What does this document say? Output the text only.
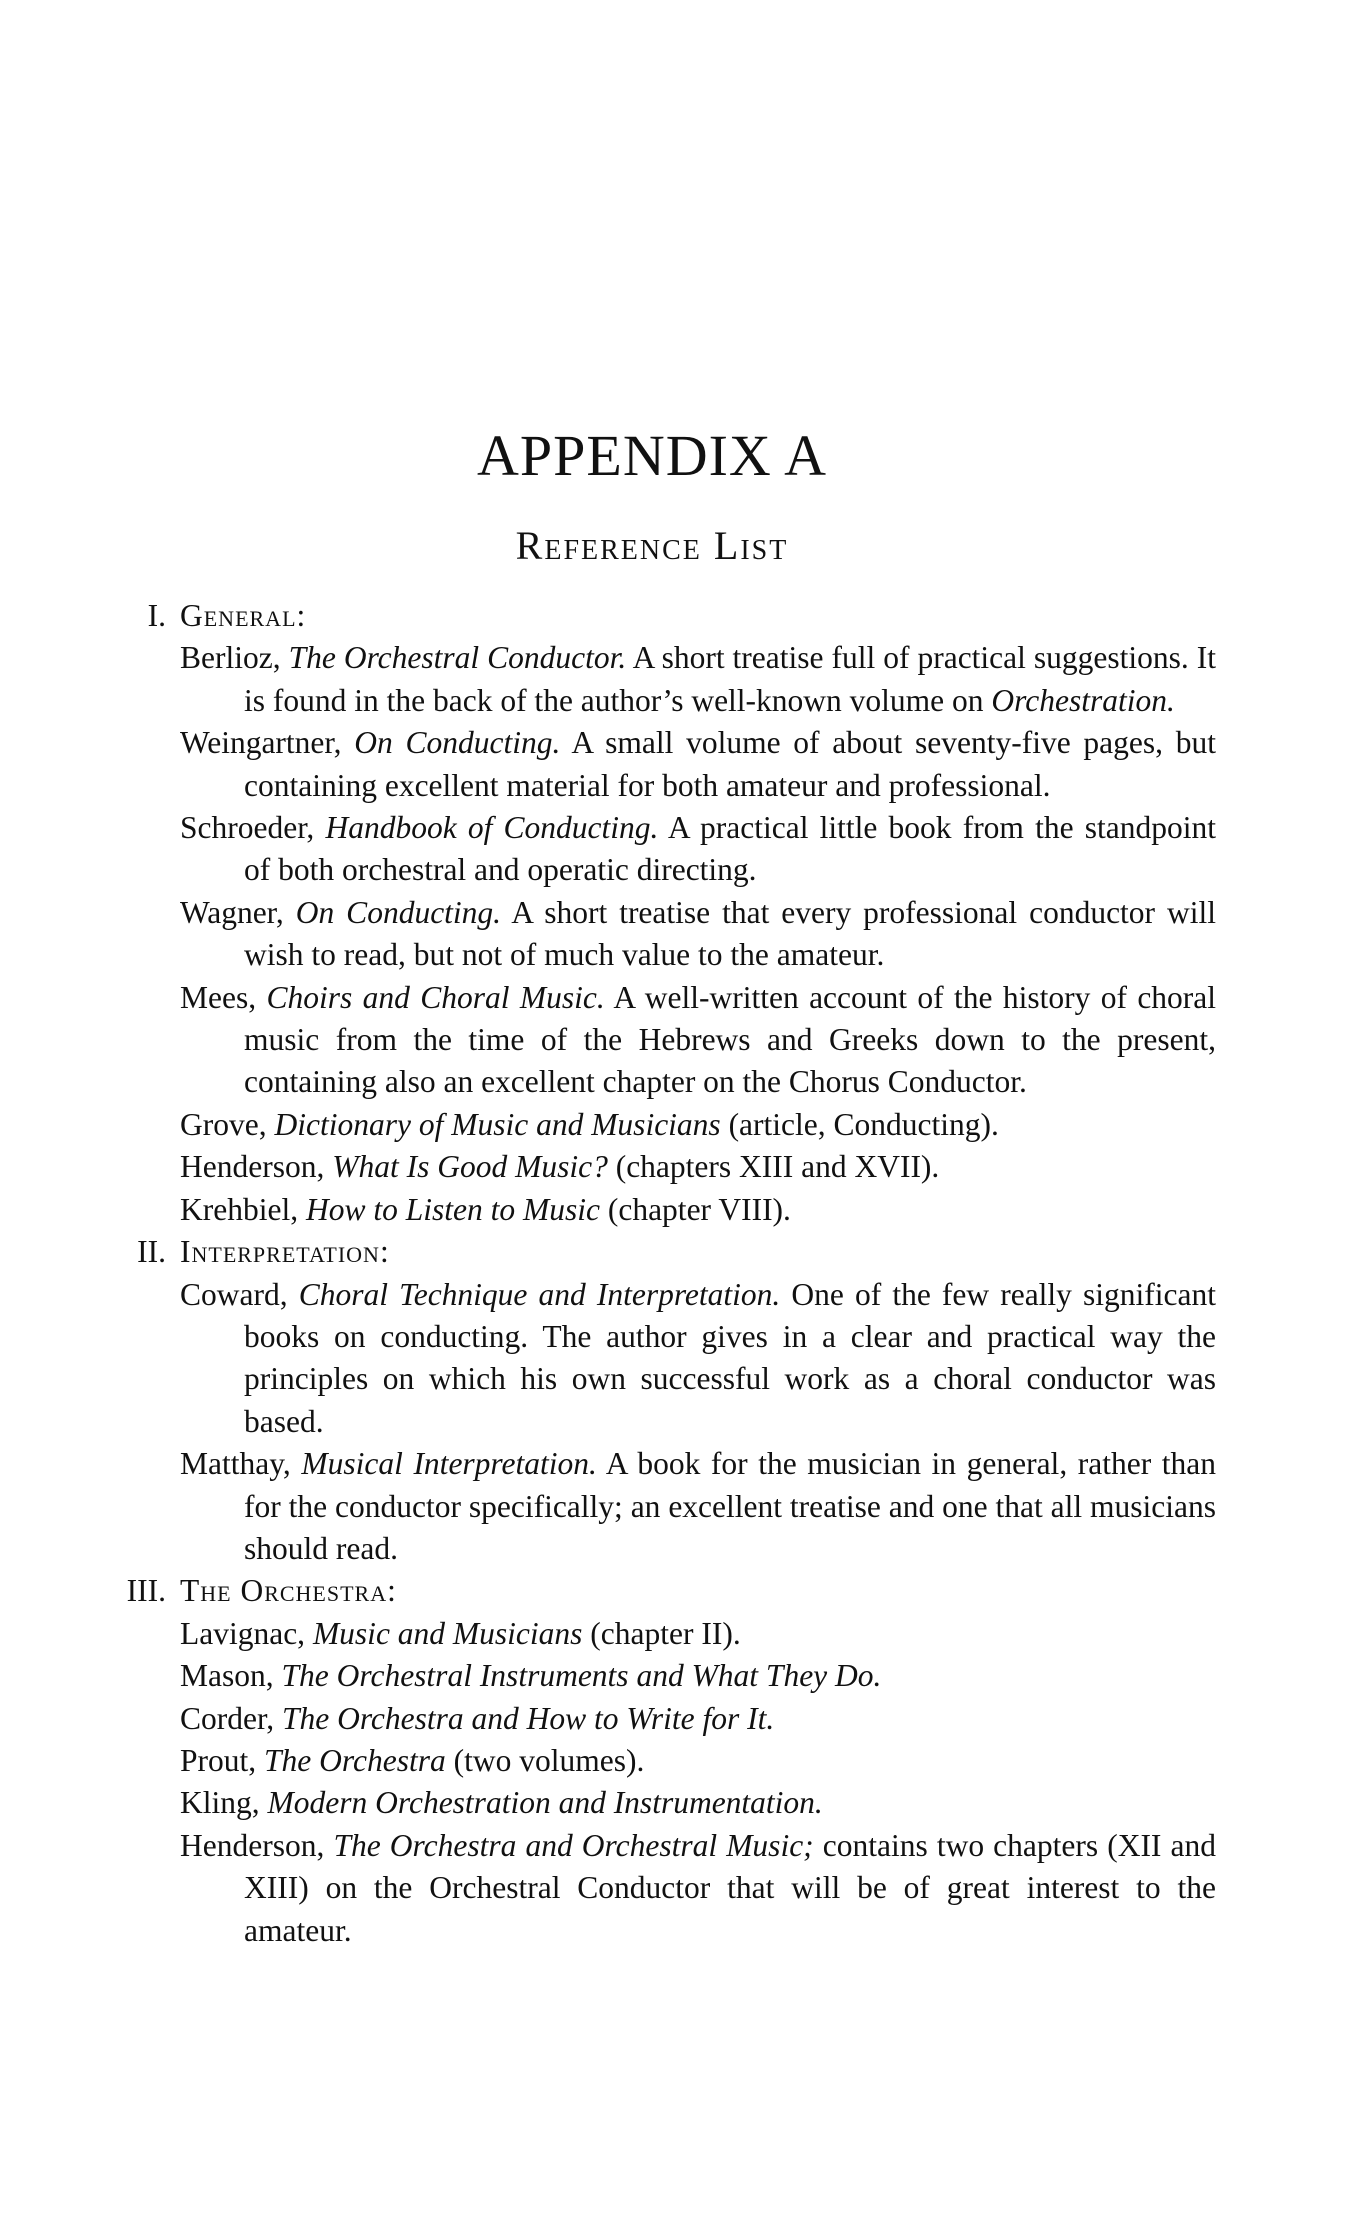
APPENDIX A
Reference List
I. General:
Berlioz, The Orchestral Conductor. A short treatise full of practical suggestions. It is found in the back of the author’s well-known volume on Orchestration.
Weingartner, On Conducting. A small volume of about seventy-five pages, but containing excellent material for both amateur and professional.
Schroeder, Handbook of Conducting. A practical little book from the standpoint of both orchestral and operatic directing.
Wagner, On Conducting. A short treatise that every professional conductor will wish to read, but not of much value to the amateur.
Mees, Choirs and Choral Music. A well-written account of the history of choral music from the time of the Hebrews and Greeks down to the present, containing also an excellent chapter on the Chorus Conductor.
Grove, Dictionary of Music and Musicians (article, Conducting).
Henderson, What Is Good Music? (chapters XIII and XVII).
Krehbiel, How to Listen to Music (chapter VIII).
II. Interpretation:
Coward, Choral Technique and Interpretation. One of the few really significant books on conducting. The author gives in a clear and practical way the principles on which his own successful work as a choral conductor was based.
Matthay, Musical Interpretation. A book for the musician in general, rather than for the conductor specifically; an excellent treatise and one that all musicians should read.
III. The Orchestra:
Lavignac, Music and Musicians (chapter II).
Mason, The Orchestral Instruments and What They Do.
Corder, The Orchestra and How to Write for It.
Prout, The Orchestra (two volumes).
Kling, Modern Orchestration and Instrumentation.
Henderson, The Orchestra and Orchestral Music; contains two chapters (XII and XIII) on the Orchestral Conductor that will be of great interest to the amateur.
